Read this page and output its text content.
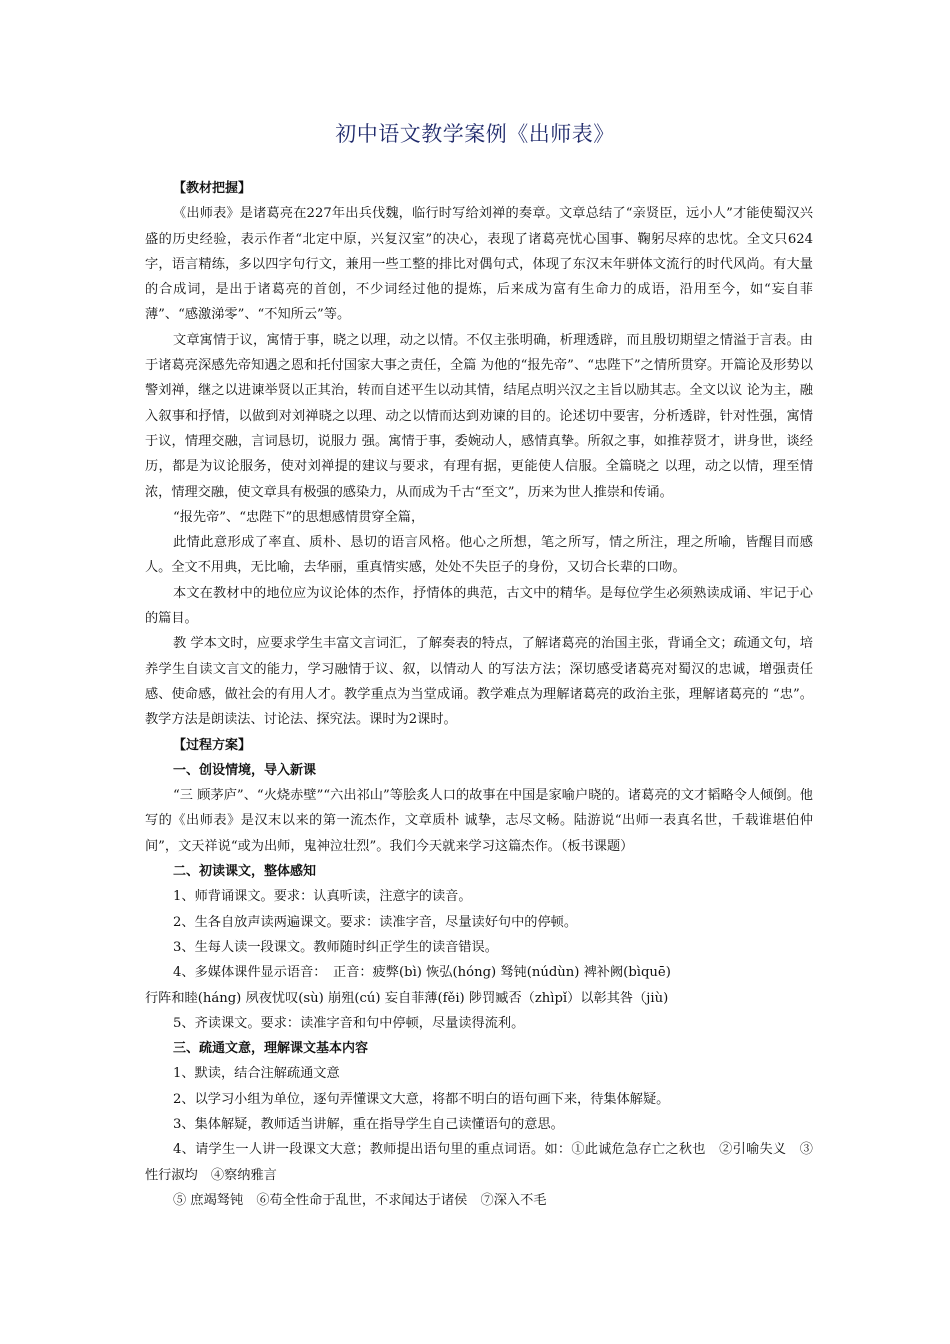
初中语文教学案例《出师表》

【教材把握】

《出师表》是诸葛亮在227年出兵伐魏，临行时写给刘禅的奏章。文章总结了“亲贤臣，远小人”才能使蜀汉兴盛的历史经验，表示作者“北定中原，兴复汉室”的决心，表现了诸葛亮忧心国事、鞠躬尽瘁的忠忱。全文只624字，语言精练，多以四字句行文，兼用一些工整的排比对偶句式，体现了东汉末年骈体文流行的时代风尚。有大量的合成词，是出于诸葛亮的首创，不少词经过他的提炼，后来成为富有生命力的成语，沿用至今，如“妄自菲薄”、“感激涕零”、“不知所云”等。

文章寓情于议，寓情于事，晓之以理，动之以情。不仅主张明确，析理透辟，而且殷切期望之情溢于言表。由于诸葛亮深感先帝知遇之恩和托付国家大事之责任，全篇 为他的“报先帝”、“忠陛下”之情所贯穿。开篇论及形势以警刘禅，继之以进谏举贤以正其治，转而自述平生以动其情，结尾点明兴汉之主旨以励其志。全文以议 论为主，融入叙事和抒情，以做到对刘禅晓之以理、动之以情而达到劝谏的目的。论述切中要害，分析透辟，针对性强，寓情于议，情理交融，言词恳切，说服力 强。寓情于事，委婉动人，感情真挚。所叙之事，如推荐贤才，讲身世，谈经历，都是为议论服务，使对刘禅提的建议与要求，有理有据，更能使人信服。全篇晓之 以理，动之以情，理至情浓，情理交融，使文章具有极强的感染力，从而成为千古“至文”，历来为世人推崇和传诵。

“报先帝”、“忠陛下”的思想感情贯穿全篇，

此情此意形成了率直、质朴、恳切的语言风格。他心之所想，笔之所写，情之所注，理之所喻，皆醒目而感人。全文不用典，无比喻，去华丽，重真情实感，处处不失臣子的身份，又切合长辈的口吻。

本文在教材中的地位应为议论体的杰作，抒情体的典范，古文中的精华。是每位学生必须熟读成诵、牢记于心的篇目。

教 学本文时，应要求学生丰富文言词汇，了解奏表的特点，了解诸葛亮的治国主张，背诵全文；疏通文句，培养学生自读文言文的能力，学习融情于议、叙，以情动人 的写法方法；深切感受诸葛亮对蜀汉的忠诚，增强责任感、使命感，做社会的有用人才。教学重点为当堂成诵。教学难点为理解诸葛亮的政治主张，理解诸葛亮的 “忠”。教学方法是朗读法、讨论法、探究法。课时为2课时。

【过程方案】

一、创设情境，导入新课

“三 顾茅庐”、“火烧赤壁”“六出祁山”等脍炙人口的故事在中国是家喻户晓的。诸葛亮的文才韬略令人倾倒。他写的《出师表》是汉末以来的第一流杰作，文章质朴 诚挚，志尽文畅。陆游说“出师一表真名世，千载谁堪伯仲间”，文天祥说“或为出师，鬼神泣壮烈”。我们今天就来学习这篇杰作。（板书课题）

二、初读课文，整体感知

1、师背诵课文。要求：认真听读，注意字的读音。

2、生各自放声读两遍课文。要求：读准字音，尽量读好句中的停顿。

3、生每人读一段课文。教师随时纠正学生的读音错误。

4、多媒体课件显示语音：　正音：疲弊(bì) 恢弘(hóng) 驽钝(núdùn) 裨补阙(bìquē)

行阵和睦(háng) 夙夜忧叹(sù) 崩殂(cú) 妄自菲薄(fěi) 陟罚臧否（zhìpǐ）以彰其咎（jiù)

5、齐读课文。要求：读准字音和句中停顿，尽量读得流利。

三、疏通文意，理解课文基本内容

1、默读，结合注解疏通文意

2、以学习小组为单位，逐句弄懂课文大意，将都不明白的语句画下来，待集体解疑。

3、集体解疑，教师适当讲解，重在指导学生自己读懂语句的意思。

4、请学生一人讲一段课文大意；教师提出语句里的重点词语。如：①此诚危急存亡之秋也　②引喻失义　③性行淑均　④察纳雅言

⑤ 庶竭驽钝　⑥苟全性命于乱世，不求闻达于诸侯　⑦深入不毛
